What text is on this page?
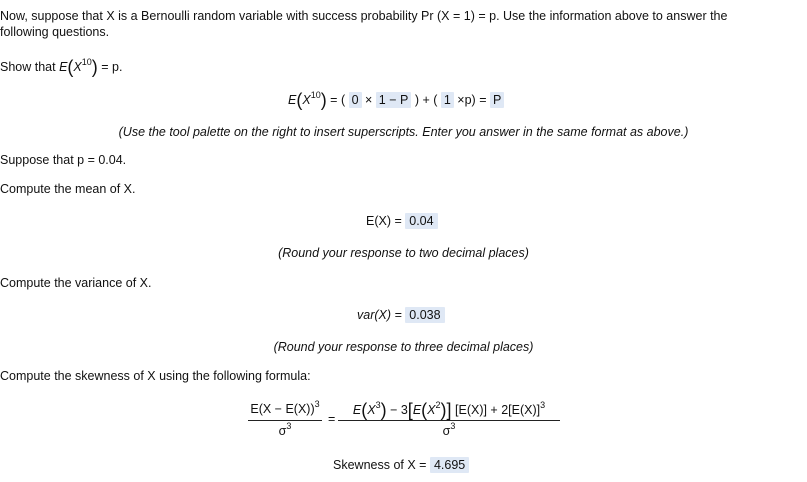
Now, suppose that X is a Bernoulli random variable with success probability Pr (X = 1) = p. Use the information above to answer the
following questions.
Show that $E(X^{10}) = p$.
$E(X^{10})$ = ( 0 × 1 − P ) + ( 1 ×p) = P
(Use the tool palette on the right to insert superscripts. Enter you answer in the same format as above.)
Suppose that p = 0.04.
Compute the mean of X.
E(X) = 0.04
(Round your response to two decimal places)
Compute the variance of X.
var(X) = 0.038
(Round your response to three decimal places)
Compute the skewness of X using the following formula:
$E(X - E(X))^3$
$\sigma^3$	=
$E(X^3) - 3[E(X^2)] [E(X)] + 2[E(X)]^3$
$\sigma^3$
Skewness of X = 4.695
